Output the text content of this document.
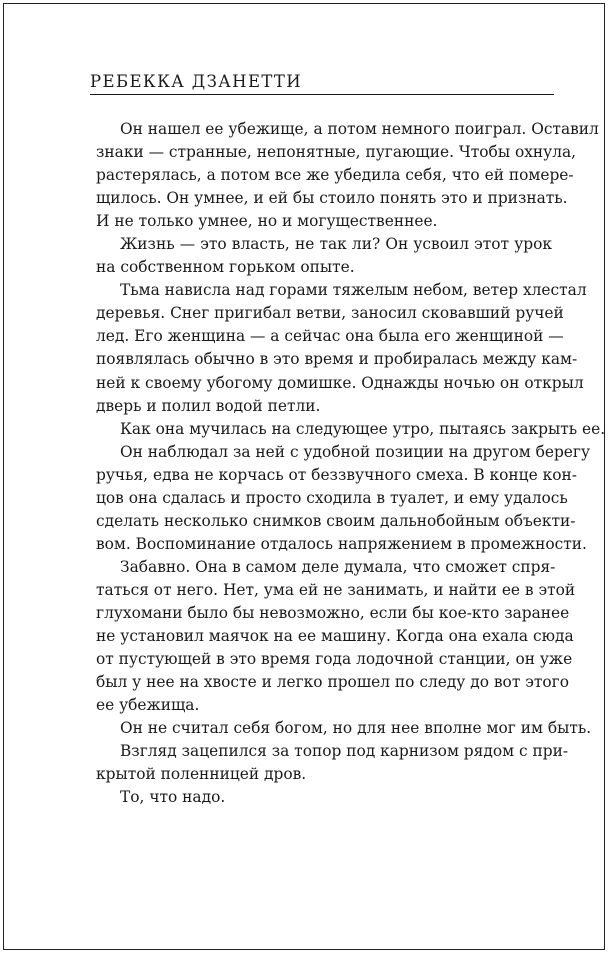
РЕБЕККА ДЗАНЕТТИ

Он нашел ее убежище, а потом немного поиграл. Оставил
знаки — странные, непонятные, пугающие. Чтобы охнула,
растерялась, а потом все же убедила себя, что ей померe-
щилось. Он умнее, и ей бы стоило понять это и признать.
И не только умнее, но и могущественнее.

Жизнь — это власть, не так ли? Он усвоил этот урок
на собственном горьком опыте.

Тьма нависла над горами тяжелым небом, ветер хлестал
деревья. Снег пригибал ветви, заносил сковавший ручей
лед. Его женщина — а сейчас она была его женщиной —
появлялась обычно в это время и пробиралась между кам-
ней к своему убогому домишке. Однажды ночью он открыл
дверь и полил водой петли.

Как она мучилась на следующее утро, пытаясь закрыть ее.

Он наблюдал за ней с удобной позиции на другом берегу
ручья, едва не корчась от беззвучного смеха. В конце кон-
цов она сдалась и просто сходила в туалет, и ему удалось
сделать несколько снимков своим дальнобойным объекти-
вом. Воспоминание отдалось напряжением в промежности.

Забавно. Она в самом деле думала, что сможет спря-
таться от него. Нет, ума ей не занимать, и найти ее в этой
глухомани было бы невозможно, если бы кое-кто заранее
не установил маячок на ее машину. Когда она ехала сюда
от пустующей в это время года лодочной станции, он уже
был у нее на хвосте и легко прошел по следу до вот этого
ее убежища.

Он не считал себя богом, но для нее вполне мог им быть.

Взгляд зацепился за топор под карнизом рядом с при-
крытой поленницей дров.

То, что надо.
